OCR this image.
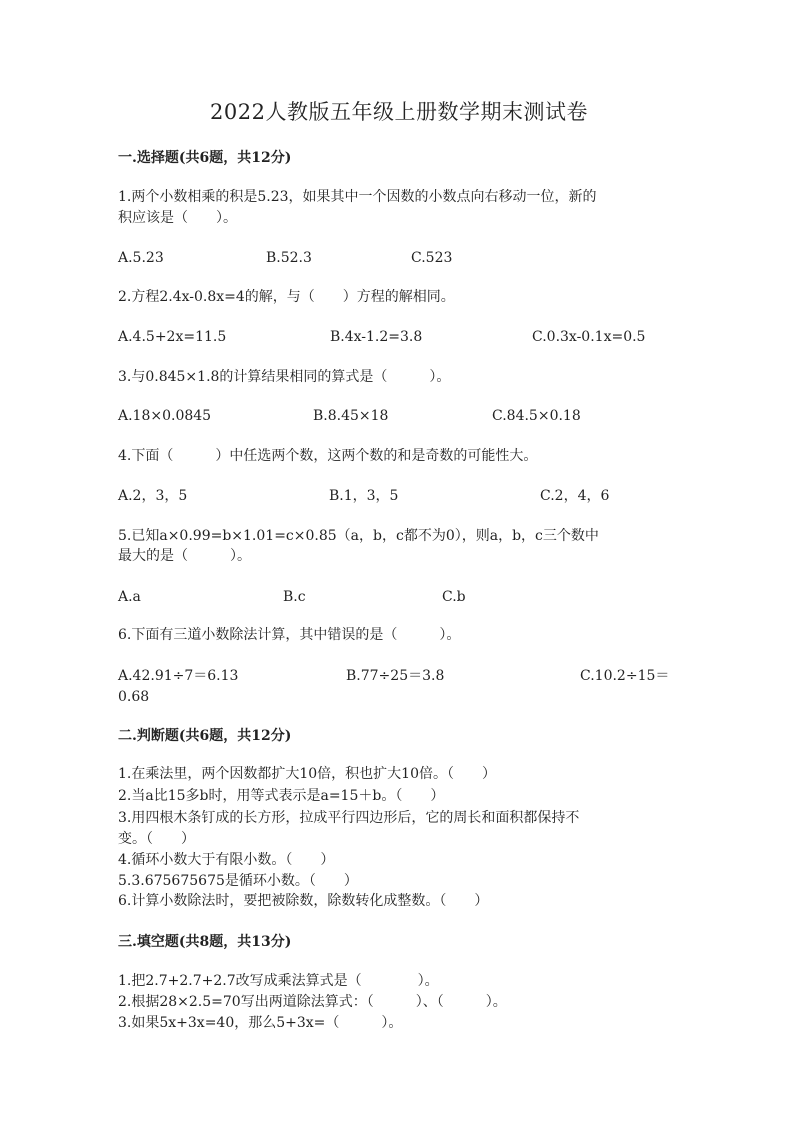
2022人教版五年级上册数学期末测试卷
一.选择题(共6题，共12分)
1.两个小数相乘的积是5.23，如果其中一个因数的小数点向右移动一位，新的
积应该是（　　）。
A.5.23	B.52.3	C.523
2.方程2.4x-0.8x=4的解，与（　　）方程的解相同。
A.4.5+2x=11.5	B.4x-1.2=3.8	C.0.3x-0.1x=0.5
3.与0.845×1.8的计算结果相同的算式是（　　　）。
A.18×0.0845	B.8.45×18	C.84.5×0.18
4.下面（　　　）中任选两个数，这两个数的和是奇数的可能性大。
A.2，3，5	B.1，3，5	C.2，4，6
5.已知a×0.99=b×1.01=c×0.85（a，b，c都不为0），则a，b，c三个数中
最大的是（　　　）。
A.a	B.c	C.b
6.下面有三道小数除法计算，其中错误的是（　　　）。
A.42.91÷7＝6.13	B.77÷25＝3.8	C.10.2÷15＝
0.68
二.判断题(共6题，共12分)
1.在乘法里，两个因数都扩大10倍，积也扩大10倍。（　　）
2.当a比15多b时，用等式表示是a=15＋b。（　　）
3.用四根木条钉成的长方形，拉成平行四边形后，它的周长和面积都保持不
变。（　　）
4.循环小数大于有限小数。（　　）
5.3.675675675是循环小数。（　　）
6.计算小数除法时，要把被除数，除数转化成整数。（　　）
三.填空题(共8题，共13分)
1.把2.7+2.7+2.7改写成乘法算式是（　　　　）。
2.根据28×2.5=70写出两道除法算式：（　　　）、（　　　）。
3.如果5x+3x=40，那么5+3x=（　　　）。
